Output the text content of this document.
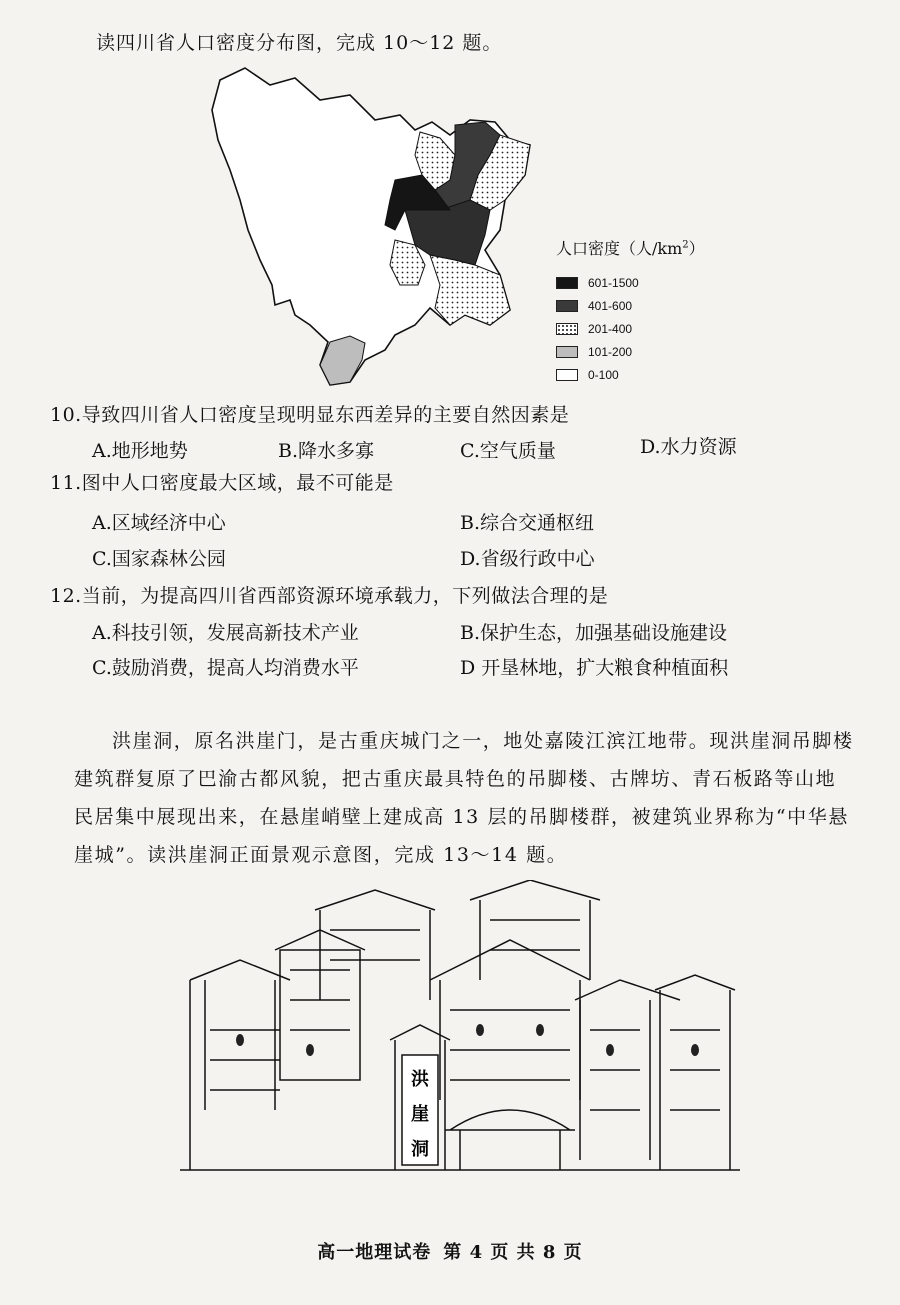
读四川省人口密度分布图，完成 10～12 题。
人口密度（人$/km^2$）
601-1500
401-600
201-400
101-200
0-100
10.导致四川省人口密度呈现明显东西差异的主要自然因素是
A.地形地势	B.降水多寡	C.空气质量	D.水力资源
11.图中人口密度最大区域，最不可能是
A.区域经济中心	B.综合交通枢纽
C.国家森林公园	D.省级行政中心
12.当前，为提高四川省西部资源环境承载力，下列做法合理的是
A.科技引领，发展高新技术产业	B.保护生态，加强基础设施建设
C.鼓励消费，提高人均消费水平	D 开垦林地，扩大粮食种植面积
洪崖洞，原名洪崖门，是古重庆城门之一，地处嘉陵江滨江地带。现洪崖洞吊脚楼建筑群复原了巴渝古都风貌，把古重庆最具特色的吊脚楼、古牌坊、青石板路等山地民居集中展现出来，在悬崖峭壁上建成高 13 层的吊脚楼群，被建筑业界称为“中华悬崖城”。读洪崖洞正面景观示意图，完成 13～14 题。
洪
崖
洞
高一地理试卷 第 4 页 共 8 页
